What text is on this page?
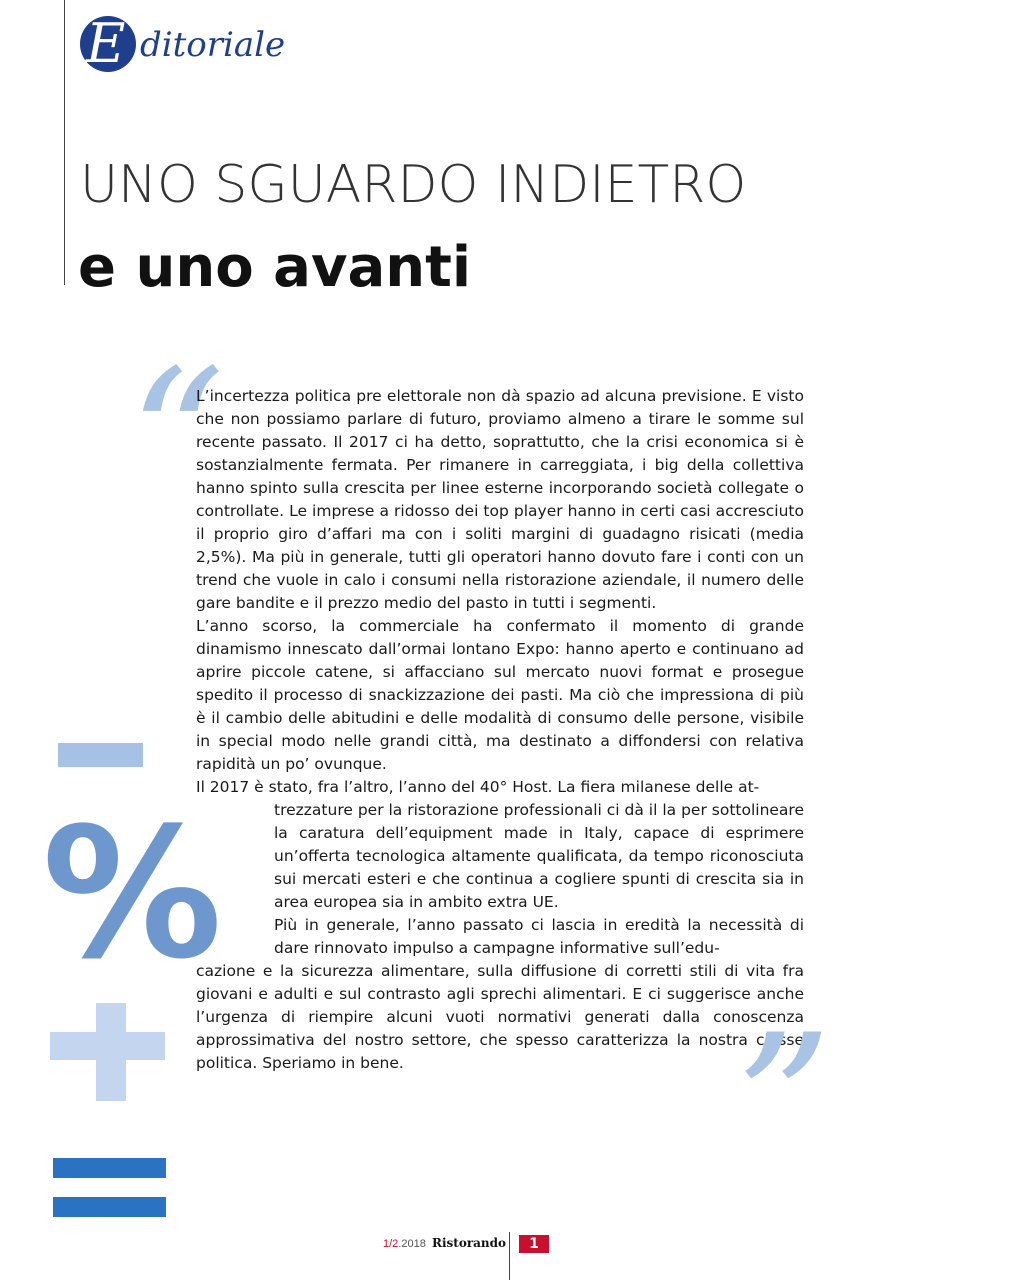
E ditoriale
UNO SGUARDO INDIETRO
e uno avanti
“

L’incertezza politica pre elettorale non dà spazio ad alcuna previsione. E visto che non possiamo parlare di futuro, proviamo almeno a tirare le somme sul recente passato. Il 2017 ci ha detto, soprattutto, che la crisi economica si è sostanzialmente fermata. Per rimanere in carreggiata, i big della collettiva hanno spinto sulla crescita per linee esterne incorporando società collegate o controllate. Le imprese a ridosso dei top player hanno in certi casi accresciuto il proprio giro d’affari ma con i soliti margini di guadagno risicati (media 2,5%). Ma più in generale, tutti gli operatori hanno dovuto fare i conti con un trend che vuole in calo i consumi nella ristorazione aziendale, il numero delle gare bandite e il prezzo medio del pasto in tutti i segmenti.

L’anno scorso, la commerciale ha confermato il momento di grande dinamismo innescato dall’ormai lontano Expo: hanno aperto e continuano ad aprire piccole catene, si affacciano sul mercato nuovi format e prosegue spedito il processo di snackizzazione dei pasti. Ma ciò che impressiona di più è il cambio delle abitudini e delle modalità di consumo delle persone, visibile in special modo nelle grandi città, ma destinato a diffondersi con relativa rapidità un po’ ovunque.

Il 2017 è stato, fra l’altro, l’anno del 40° Host. La fiera milanese delle at-

trezzature per la ristorazione professionali ci dà il la per sottolineare la caratura dell’equipment made in Italy, capace di esprimere un’offerta tecnologica altamente qualificata, da tempo riconosciuta sui mercati esteri e che continua a cogliere spunti di crescita sia in area europea sia in ambito extra UE.

Più in generale, l’anno passato ci lascia in eredità la necessità di dare rinnovato impulso a campagne informative sull’edu-

cazione e la sicurezza alimentare, sulla diffusione di corretti stili di vita fra giovani e adulti e sul contrasto agli sprechi alimentari. E ci suggerisce anche l’urgenza di riempire alcuni vuoti normativi generati dalla conoscenza approssimativa del nostro settore, che spesso caratterizza la nostra classe politica. Speriamo in bene.	”
%
1/2.2018 Ristorando	1
